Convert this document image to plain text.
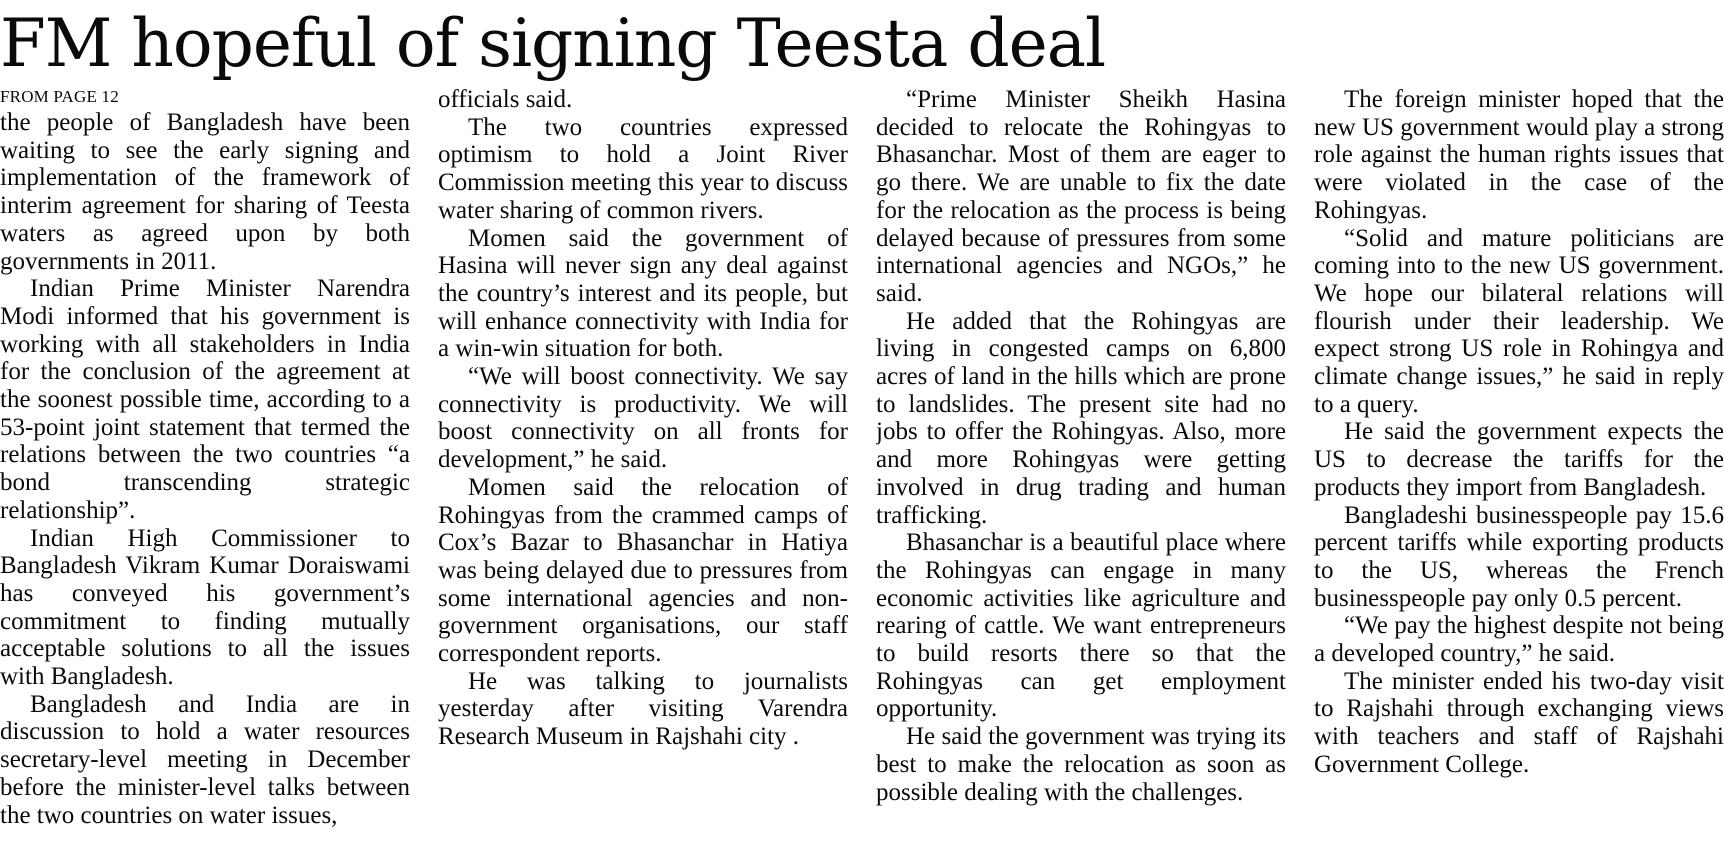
FM hopeful of signing Teesta deal
FROM PAGE 12

the people of Bangladesh have been waiting to see the early signing and implementation of the framework of interim agreement for sharing of Teesta waters as agreed upon by both governments in 2011.

Indian Prime Minister Narendra Modi informed that his government is working with all stakeholders in India for the conclusion of the agreement at the soonest possible time, according to a 53-point joint statement that termed the relations between the two countries “a bond transcending strategic relationship”.

Indian High Commissioner to Bangladesh Vikram Kumar Doraiswami has conveyed his government’s commitment to finding mutually acceptable solutions to all the issues with Bangladesh.

Bangladesh and India are in discussion to hold a water resources secretary-level meeting in December before the minister-level talks between the two countries on water issues,

officials said.

The two countries expressed optimism to hold a Joint River Commission meeting this year to discuss water sharing of common rivers.

Momen said the government of Hasina will never sign any deal against the country’s interest and its people, but will enhance connectivity with India for a win-win situation for both.

“We will boost connectivity. We say connectivity is productivity. We will boost connectivity on all fronts for development,” he said.

Momen said the relocation of Rohingyas from the crammed camps of Cox’s Bazar to Bhasanchar in Hatiya was being delayed due to pressures from some international agencies and non-government organisations, our staff correspondent reports.

He was talking to journalists yesterday after visiting Varendra Research Museum in Rajshahi city .

“Prime Minister Sheikh Hasina decided to relocate the Rohingyas to Bhasanchar. Most of them are eager to go there. We are unable to fix the date for the relocation as the process is being delayed because of pressures from some international agencies and NGOs,” he said.

He added that the Rohingyas are living in congested camps on 6,800 acres of land in the hills which are prone to landslides. The present site had no jobs to offer the Rohingyas. Also, more and more Rohingyas were getting involved in drug trading and human trafficking.

Bhasanchar is a beautiful place where the Rohingyas can engage in many economic activities like agriculture and rearing of cattle. We want entrepreneurs to build resorts there so that the Rohingyas can get employment opportunity.

He said the government was trying its best to make the relocation as soon as possible dealing with the challenges.

The foreign minister hoped that the new US government would play a strong role against the human rights issues that were violated in the case of the Rohingyas.

“Solid and mature politicians are coming into to the new US government. We hope our bilateral relations will flourish under their leadership. We expect strong US role in Rohingya and climate change issues,” he said in reply to a query.

He said the government expects the US to decrease the tariffs for the products they import from Bangladesh.

Bangladeshi businesspeople pay 15.6 percent tariffs while exporting products to the US, whereas the French businesspeople pay only 0.5 percent.

“We pay the highest despite not being a developed country,” he said.

The minister ended his two-day visit to Rajshahi through exchanging views with teachers and staff of Rajshahi Government College.
